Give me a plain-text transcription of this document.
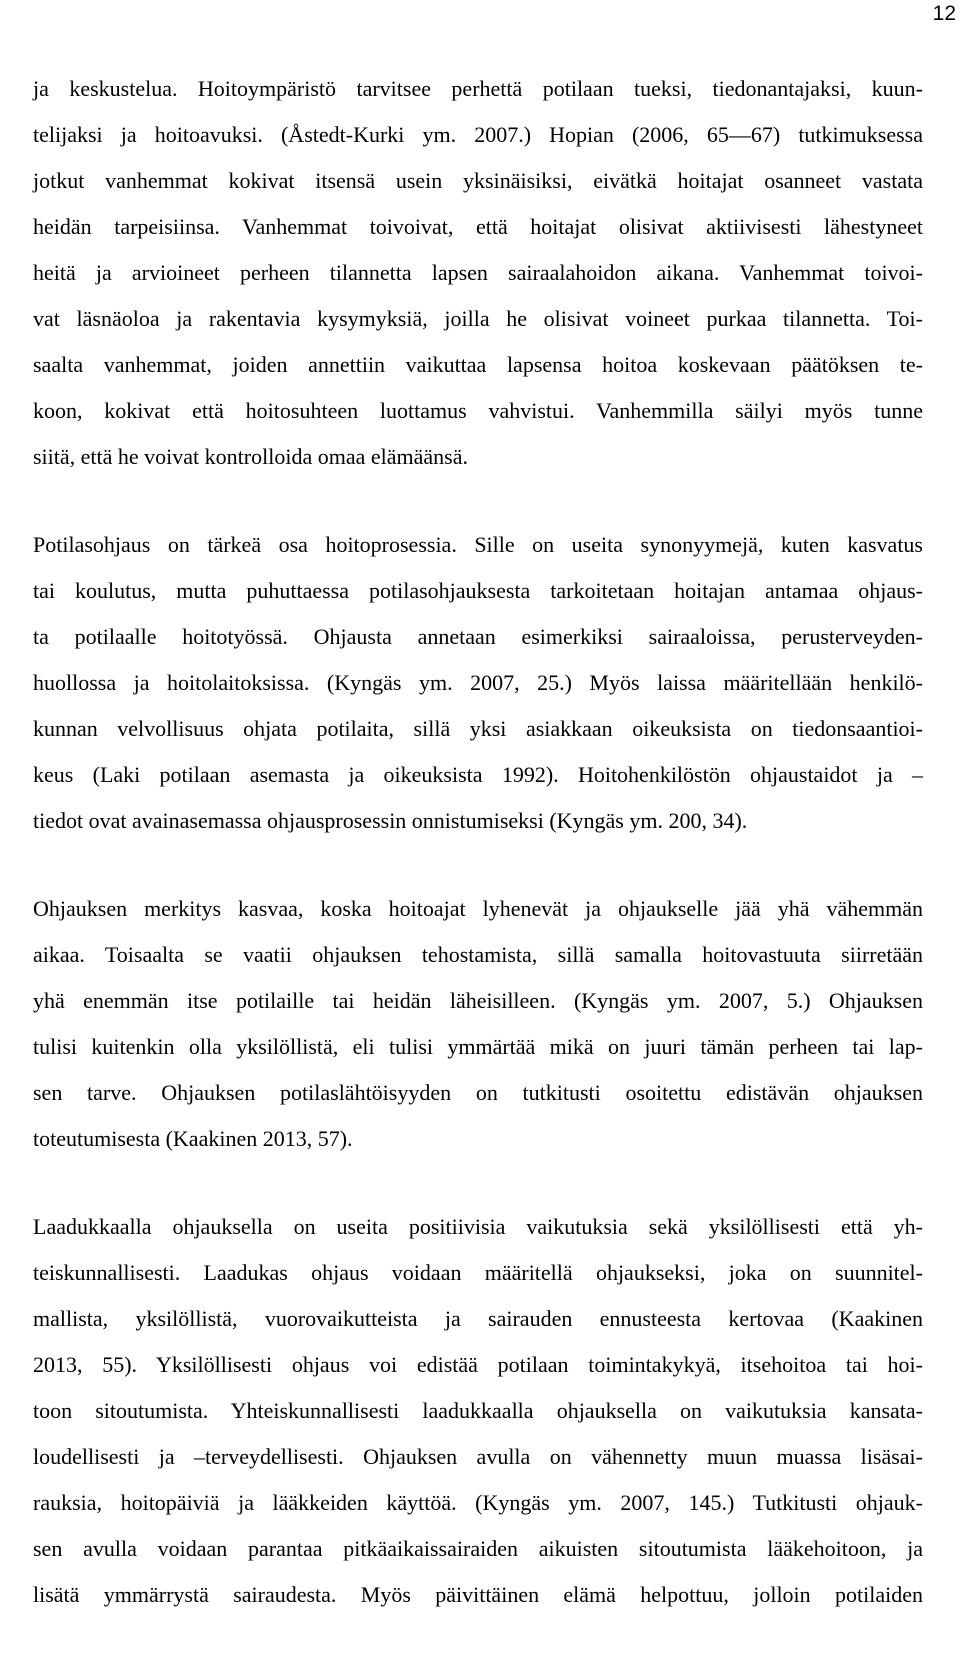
12
ja keskustelua. Hoitoympäristö tarvitsee perhettä potilaan tueksi, tiedonantajaksi, kuun-
telijaksi ja hoitoavuksi. (Åstedt-Kurki ym. 2007.) Hopian (2006, 65—67) tutkimuksessa
jotkut vanhemmat kokivat itsensä usein yksinäisiksi, eivätkä hoitajat osanneet vastata
heidän tarpeisiinsa. Vanhemmat toivoivat, että hoitajat olisivat aktiivisesti lähestyneet
heitä ja arvioineet perheen tilannetta lapsen sairaalahoidon aikana. Vanhemmat toivoi-
vat läsnäoloa ja rakentavia kysymyksiä, joilla he olisivat voineet purkaa tilannetta. Toi-
saalta vanhemmat, joiden annettiin vaikuttaa lapsensa hoitoa koskevaan päätöksen te-
koon, kokivat että hoitosuhteen luottamus vahvistui. Vanhemmilla säilyi myös tunne
siitä, että he voivat kontrolloida omaa elämäänsä.
Potilasohjaus on tärkeä osa hoitoprosessia. Sille on useita synonyymejä, kuten kasvatus
tai koulutus, mutta puhuttaessa potilasohjauksesta tarkoitetaan hoitajan antamaa ohjaus-
ta potilaalle hoitotyössä. Ohjausta annetaan esimerkiksi sairaaloissa, perusterveyden-
huollossa ja hoitolaitoksissa. (Kyngäs ym. 2007, 25.) Myös laissa määritellään henkilö-
kunnan velvollisuus ohjata potilaita, sillä yksi asiakkaan oikeuksista on tiedonsaantioi-
keus (Laki potilaan asemasta ja oikeuksista 1992). Hoitohenkilöstön ohjaustaidot ja –
tiedot ovat avainasemassa ohjausprosessin onnistumiseksi (Kyngäs ym. 200, 34).
Ohjauksen merkitys kasvaa, koska hoitoajat lyhenevät ja ohjaukselle jää yhä vähemmän
aikaa. Toisaalta se vaatii ohjauksen tehostamista, sillä samalla hoitovastuuta siirretään
yhä enemmän itse potilaille tai heidän läheisilleen. (Kyngäs ym. 2007, 5.) Ohjauksen
tulisi kuitenkin olla yksilöllistä, eli tulisi ymmärtää mikä on juuri tämän perheen tai lap-
sen tarve. Ohjauksen potilaslähtöisyyden on tutkitusti osoitettu edistävän ohjauksen
toteutumisesta (Kaakinen 2013, 57).
Laadukkaalla ohjauksella on useita positiivisia vaikutuksia sekä yksilöllisesti että yh-
teiskunnallisesti. Laadukas ohjaus voidaan määritellä ohjaukseksi, joka on suunnitel-
mallista, yksilöllistä, vuorovaikutteista ja sairauden ennusteesta kertovaa (Kaakinen
2013, 55). Yksilöllisesti ohjaus voi edistää potilaan toimintakykyä, itsehoitoa tai hoi-
toon sitoutumista. Yhteiskunnallisesti laadukkaalla ohjauksella on vaikutuksia kansata-
loudellisesti ja –terveydellisesti. Ohjauksen avulla on vähennetty muun muassa lisäsai-
rauksia, hoitopäiviä ja lääkkeiden käyttöä. (Kyngäs ym. 2007, 145.) Tutkitusti ohjauk-
sen avulla voidaan parantaa pitkäaikaissairaiden aikuisten sitoutumista lääkehoitoon, ja
lisätä ymmärrystä sairaudesta. Myös päivittäinen elämä helpottuu, jolloin potilaiden
